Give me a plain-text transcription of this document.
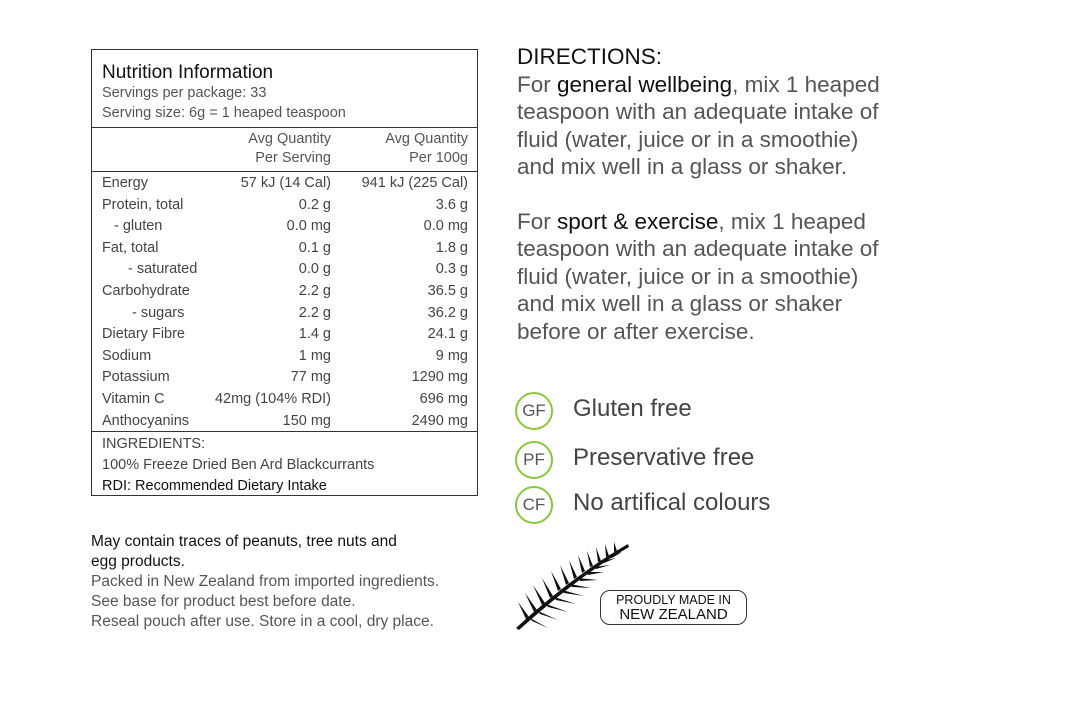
Nutrition Information
Servings per package: 33
Serving size: 6g = 1 heaped teaspoon
Avg Quantity
Per Serving
Avg Quantity
Per 100g
Energy	57 kJ (14 Cal) 941 kJ (225 Cal)
Protein, total	0.2 g	3.6 g
- gluten	0.0 mg	0.0 mg
Fat, total	0.1 g	1.8 g
- saturated	0.0 g	0.3 g
Carbohydrate	2.2 g	36.5 g
- sugars	2.2 g	36.2 g
Dietary Fibre	1.4 g	24.1 g
Sodium	1 mg	9 mg
Potassium	77 mg	1290 mg
Vitamin C	42mg (104% RDI)	696 mg
Anthocyanins	150 mg	2490 mg
INGREDIENTS:
100% Freeze Dried Ben Ard Blackcurrants
RDI: Recommended Dietary Intake
May contain traces of peanuts, tree nuts and
egg products.
Packed in New Zealand from imported ingredients.
See base for product best before date.
Reseal pouch after use. Store in a cool, dry place.

DIRECTIONS:

For general wellbeing, mix 1 heaped teaspoon with an adequate intake of fluid (water, juice or in a smoothie) and mix well in a glass or shaker.

For sport & exercise, mix 1 heaped teaspoon with an adequate intake of fluid (water, juice or in a smoothie) and mix well in a glass or shaker before or after exercise.

GF	Gluten free
PF	Preservative free
CF	No artifical colours
PROUDLY MADE IN
NEW ZEALAND
